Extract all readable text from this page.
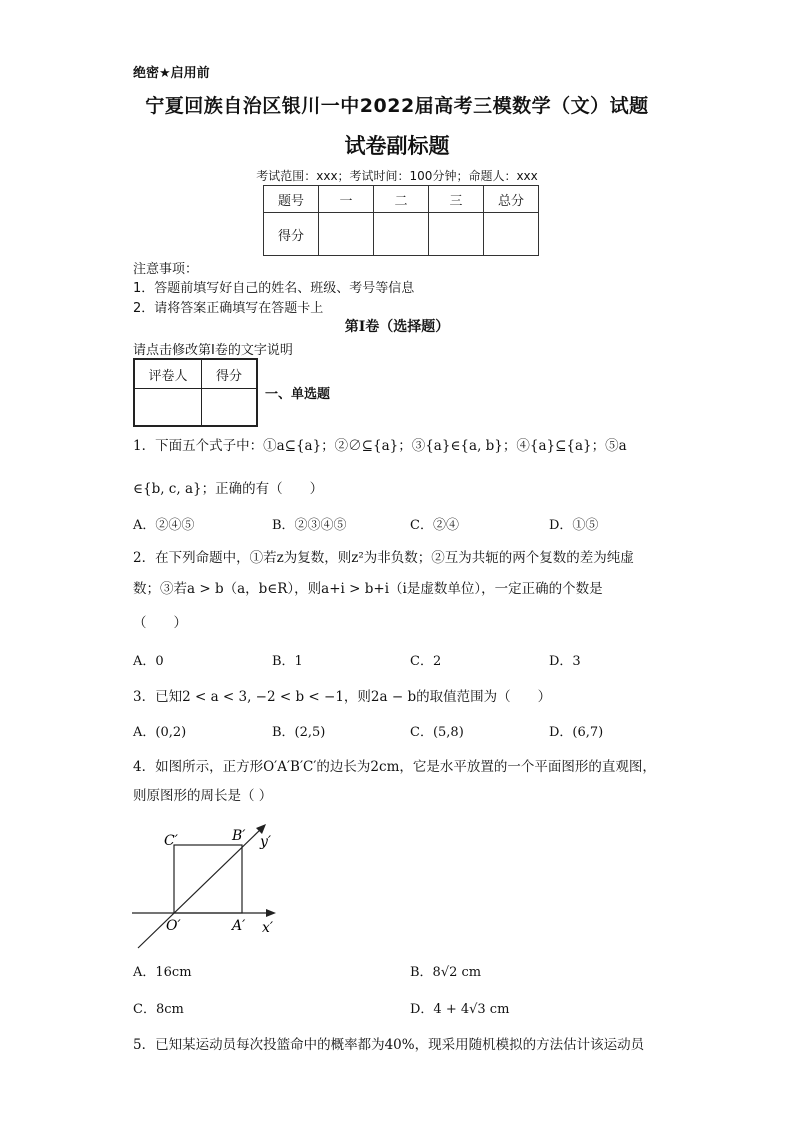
绝密★启用前
宁夏回族自治区银川一中2022届高考三模数学（文）试题
试卷副标题
考试范围：xxx；考试时间：100分钟；命题人：xxx
题号	一	二	三	总分
得分				
注意事项：
1．答题前填写好自己的姓名、班级、考号等信息
2．请将答案正确填写在答题卡上
第I卷（选择题）
请点击修改第I卷的文字说明
评卷人	得分

一、单选题
1．下面五个式子中：①a⊆{a}；②∅⊆{a}；③{a}∈{a, b}；④{a}⊆{a}；⑤a
∈{b, c, a}；正确的有（　　）
A．②④⑤	B．②③④⑤	C．②④	D．①⑤
2．在下列命题中，①若z为复数，则z²为非负数；②互为共轭的两个复数的差为纯虚
数；③若a > b（a，b∈R），则a+i > b+i（i是虚数单位），一定正确的个数是
（　　）
A．0	B．1	C．2	D．3
3．已知2 < a < 3, −2 < b < −1，则2a − b的取值范围为（　　）
A．(0,2)	B．(2,5)	C．(5,8)	D．(6,7)
4．如图所示，正方形O′A′B′C′的边长为2cm，它是水平放置的一个平面图形的直观图，
则原图形的周长是（ ）
C′	B′ y′
O′	A′ x′
A．16cm	B．8√2 cm
C．8cm	D．4 + 4√3 cm
5．已知某运动员每次投篮命中的概率都为40%，现采用随机模拟的方法估计该运动员
